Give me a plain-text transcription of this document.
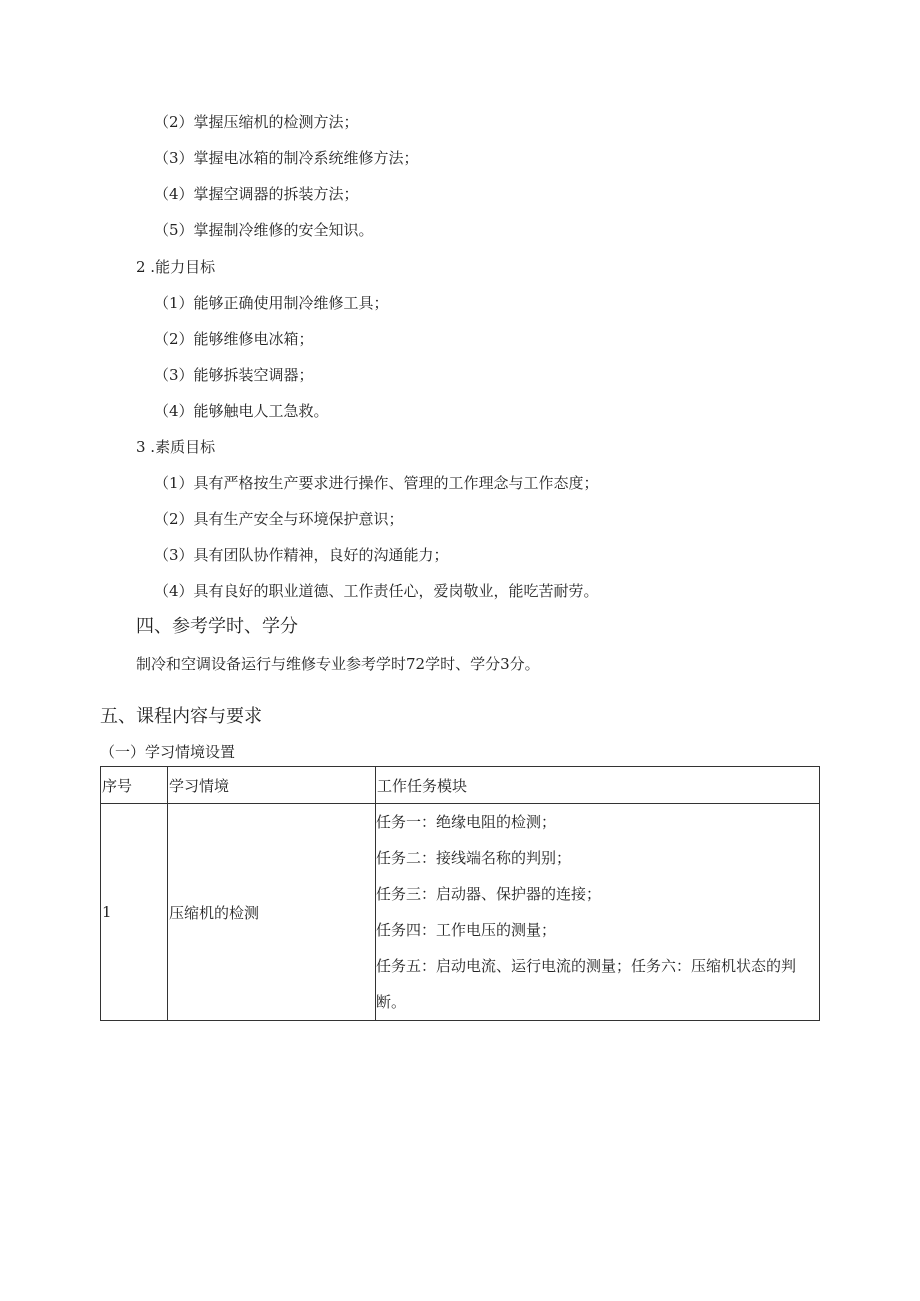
（2）掌握压缩机的检测方法；
（3）掌握电冰箱的制冷系统维修方法；
（4）掌握空调器的拆装方法；
（5）掌握制冷维修的安全知识。
2 .能力目标
（1）能够正确使用制冷维修工具；
（2）能够维修电冰箱；
（3）能够拆装空调器；
（4）能够触电人工急救。
3 .素质目标
（1）具有严格按生产要求进行操作、管理的工作理念与工作态度；
（2）具有生产安全与环境保护意识；
（3）具有团队协作精神，良好的沟通能力；
（4）具有良好的职业道德、工作责任心，爱岗敬业，能吃苦耐劳。
四、参考学时、学分
制冷和空调设备运行与维修专业参考学时72学时、学分3分。
五、课程内容与要求
（一）学习情境设置
序号	学习情境	工作任务模块
1	压缩机的检测	任务一：绝缘电阻的检测；
任务二：接线端名称的判别；
任务三：启动器、保护器的连接；
任务四：工作电压的测量；
任务五：启动电流、运行电流的测量；任务六：压缩机状态的判断。
